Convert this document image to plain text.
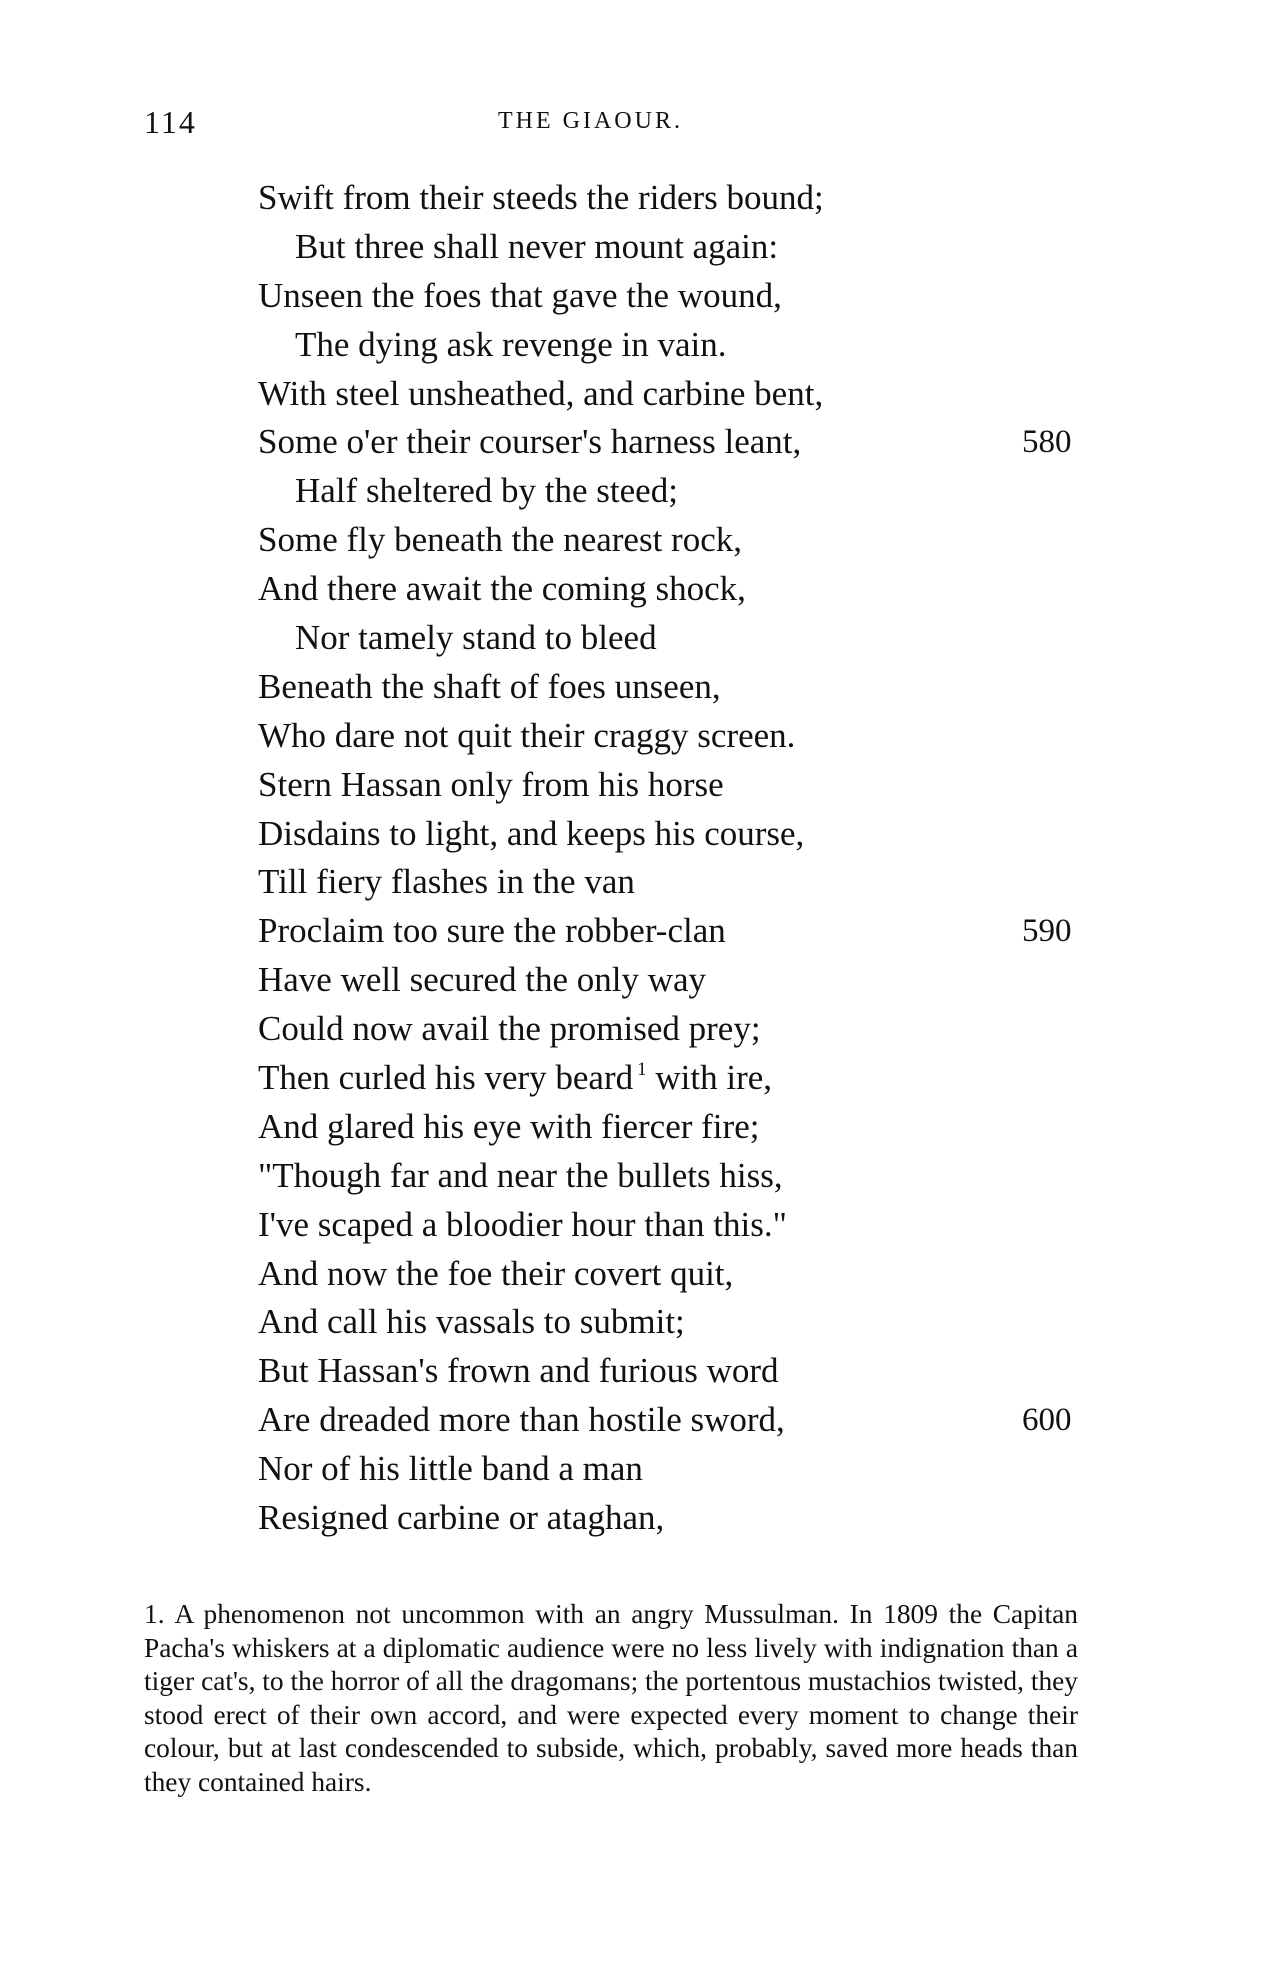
114	THE GIAOUR.
Swift from their steeds the riders bound;
But three shall never mount again:
Unseen the foes that gave the wound,
The dying ask revenge in vain.
With steel unsheathed, and carbine bent,
Some o'er their courser's harness leant,	580
Half sheltered by the steed;
Some fly beneath the nearest rock,
And there await the coming shock,
Nor tamely stand to bleed
Beneath the shaft of foes unseen,
Who dare not quit their craggy screen.
Stern Hassan only from his horse
Disdains to light, and keeps his course,
Till fiery flashes in the van
Proclaim too sure the robber-clan	590
Have well secured the only way
Could now avail the promised prey;
Then curled his very beard $^1$ with ire,
And glared his eye with fiercer fire;
"Though far and near the bullets hiss,
I've scaped a bloodier hour than this."
And now the foe their covert quit,
And call his vassals to submit;
But Hassan's frown and furious word
Are dreaded more than hostile sword,	600
Nor of his little band a man
Resigned carbine or ataghan,
1. A phenomenon not uncommon with an angry Mussulman. In 1809 the Capitan Pacha's whiskers at a diplomatic audience were no less lively with indignation than a tiger cat's, to the horror of all the dragomans; the portentous mustachios twisted, they stood erect of their own accord, and were expected every moment to change their colour, but at last condescended to subside, which, probably, saved more heads than they contained hairs.
